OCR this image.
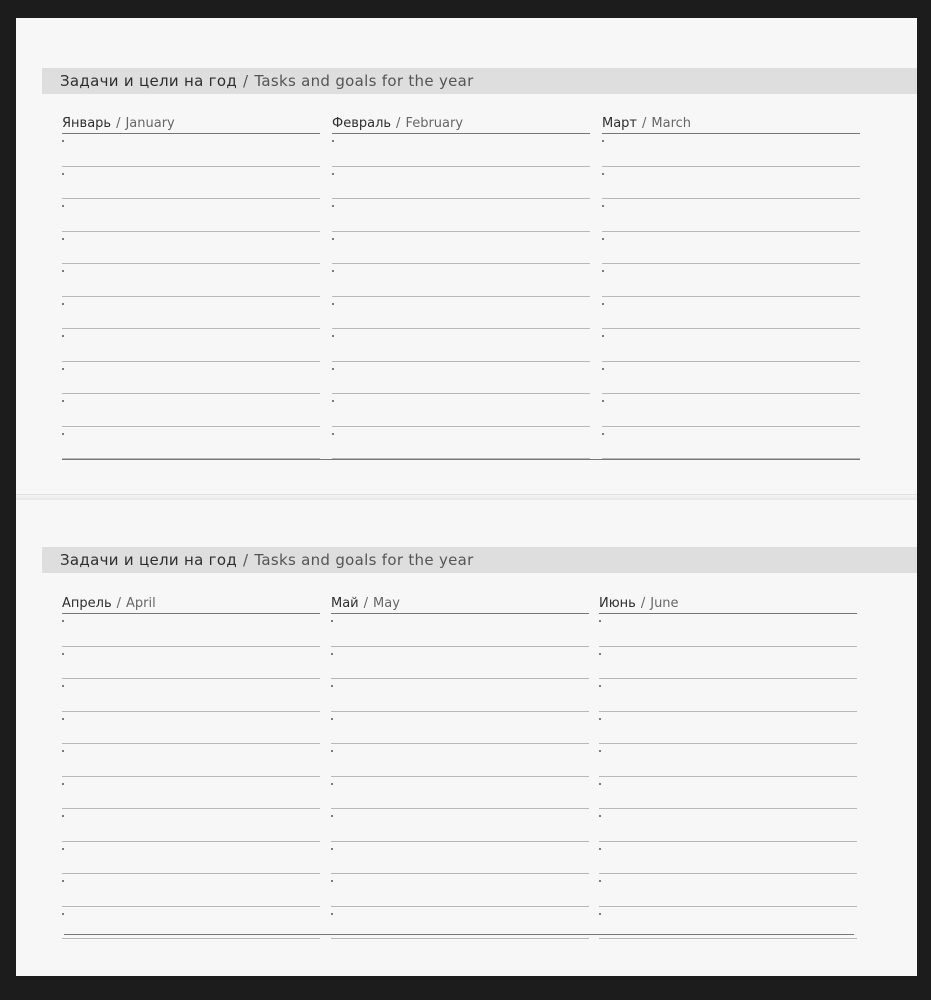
Задачи и цели на год / Tasks and goals for the year
Январь / January	Февраль / February	Март / March
Задачи и цели на год / Tasks and goals for the year
Апрель / April	Май / May	Июнь / June
